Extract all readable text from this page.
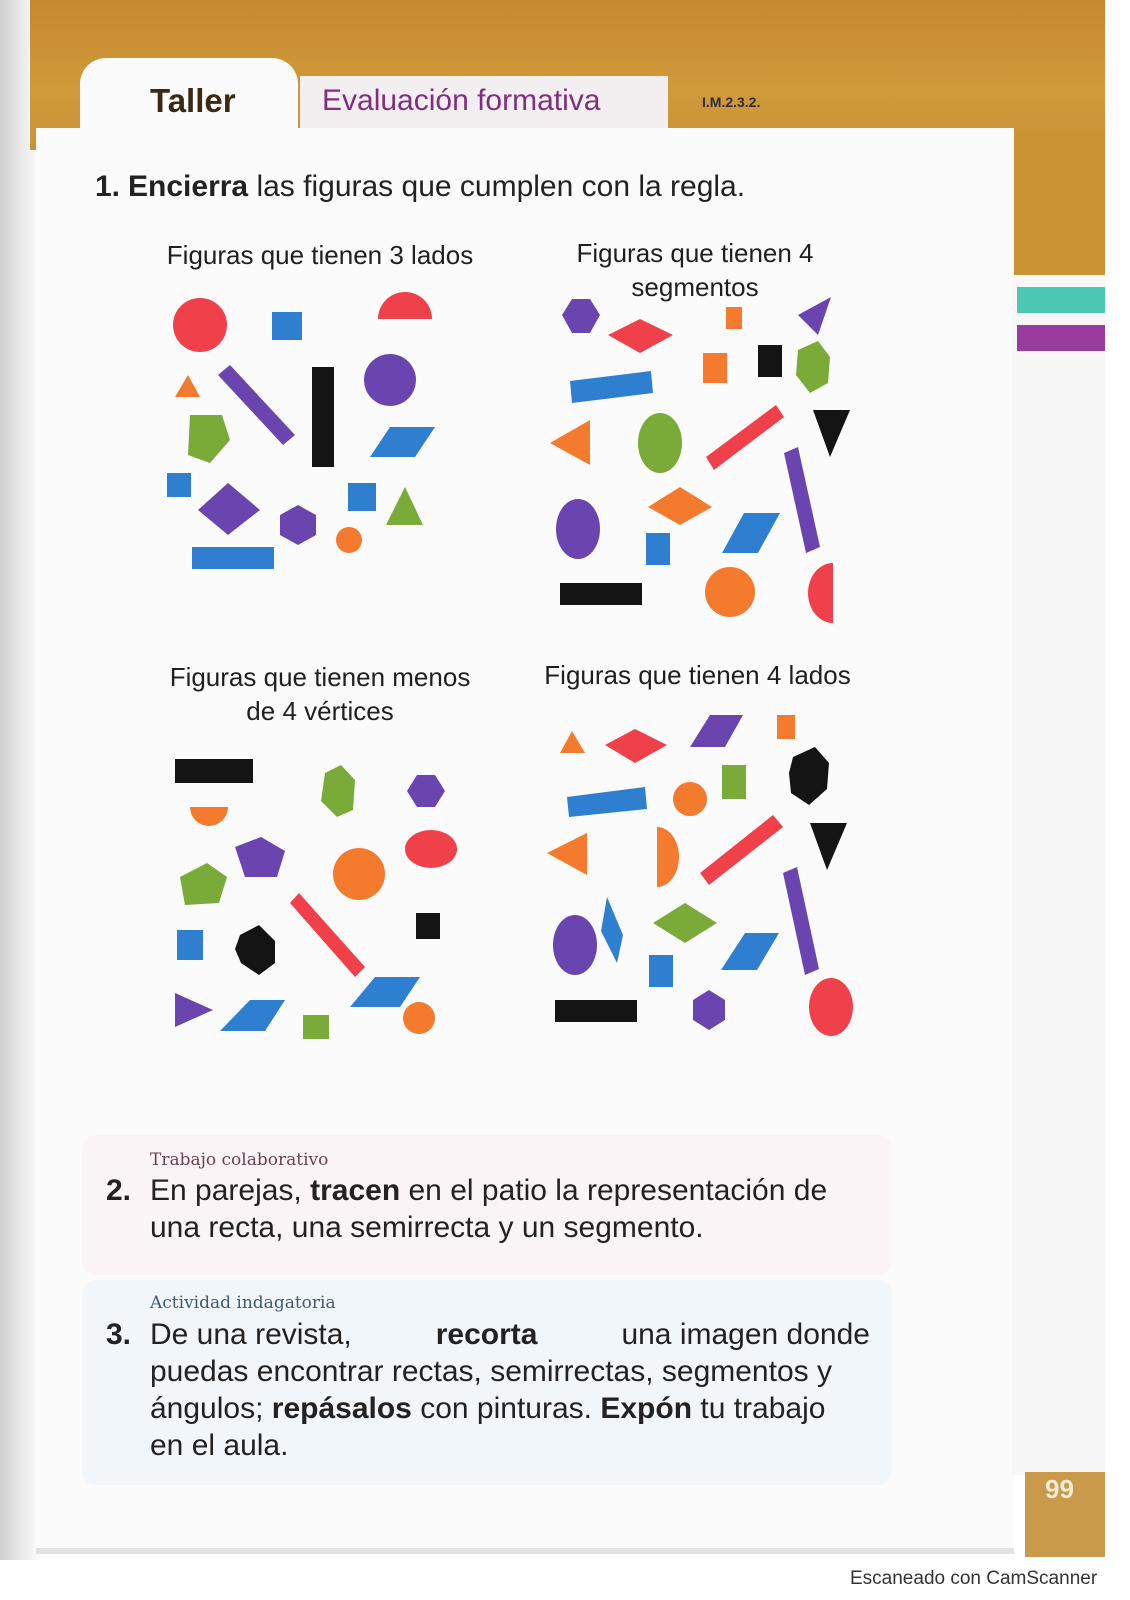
Taller	Evaluación formativa	I.M.2.3.2.
1. Encierra las figuras que cumplen con la regla.
Figuras que tienen 3 lados	Figuras que tienen 4
segmentos
Figuras que tienen menos
de 4 vértices
Figuras que tienen 4 lados
Trabajo colaborativo
2. En parejas, tracen en el patio la representación de
una recta, una semirrecta y un segmento.
Actividad indagatoria
3. De una revista,	recorta	una imagen donde
puedas encontrar rectas, semirrectas, segmentos y
ángulos; repásalos con pinturas. Expón tu trabajo
en el aula.
99
Escaneado con CamScanner
